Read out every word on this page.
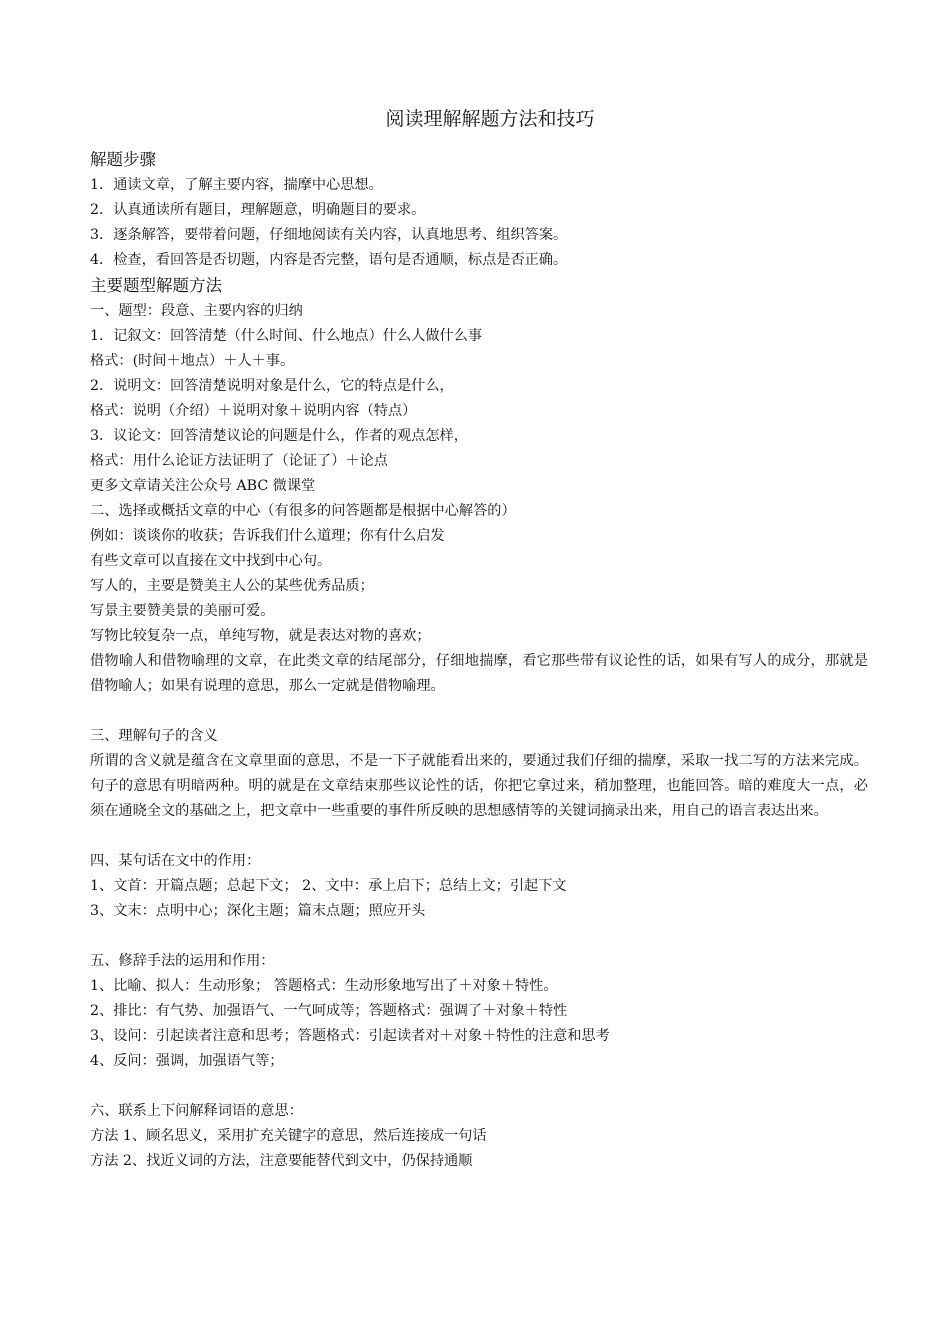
阅读理解解题方法和技巧
解题步骤
1．通读文章，了解主要内容，揣摩中心思想。
2．认真通读所有题目，理解题意，明确题目的要求。
3．逐条解答，要带着问题，仔细地阅读有关内容，认真地思考、组织答案。
4．检查，看回答是否切题，内容是否完整，语句是否通顺，标点是否正确。
主要题型解题方法
一、题型：段意、主要内容的归纳
1．记叙文：回答清楚（什么时间、什么地点）什么人做什么事
格式：(时间＋地点）＋人＋事。
2．说明文：回答清楚说明对象是什么，它的特点是什么，
格式：说明（介绍）＋说明对象＋说明内容（特点）
3．议论文：回答清楚议论的问题是什么，作者的观点怎样，
格式：用什么论证方法证明了（论证了）＋论点
更多文章请关注公众号 ABC 微课堂
二、选择或概括文章的中心（有很多的问答题都是根据中心解答的）
例如：谈谈你的收获；告诉我们什么道理；你有什么启发
有些文章可以直接在文中找到中心句。
写人的，主要是赞美主人公的某些优秀品质；
写景主要赞美景的美丽可爱。
写物比较复杂一点，单纯写物，就是表达对物的喜欢；
借物喻人和借物喻理的文章，在此类文章的结尾部分，仔细地揣摩，看它那些带有议论性的话，如果有写人的成分，那就是借物喻人；如果有说理的意思，那么一定就是借物喻理。
三、理解句子的含义
所谓的含义就是蕴含在文章里面的意思，不是一下子就能看出来的，要通过我们仔细的揣摩，采取一找二写的方法来完成。句子的意思有明暗两种。明的就是在文章结束那些议论性的话，你把它拿过来，稍加整理，也能回答。暗的难度大一点，必须在通晓全文的基础之上，把文章中一些重要的事件所反映的思想感情等的关键词摘录出来，用自己的语言表达出来。
四、某句话在文中的作用：
1、文首：开篇点题；总起下文； 2、文中：承上启下；总结上文；引起下文
3、文末：点明中心；深化主题；篇末点题；照应开头
五、修辞手法的运用和作用：
1、比喻、拟人：生动形象； 答题格式：生动形象地写出了＋对象＋特性。
2、排比：有气势、加强语气、一气呵成等；答题格式：强调了＋对象＋特性
3、设问：引起读者注意和思考；答题格式：引起读者对＋对象＋特性的注意和思考
4、反问：强调，加强语气等；
六、联系上下问解释词语的意思：
方法 1、顾名思义，采用扩充关键字的意思，然后连接成一句话
方法 2、找近义词的方法，注意要能替代到文中，仍保持通顺
